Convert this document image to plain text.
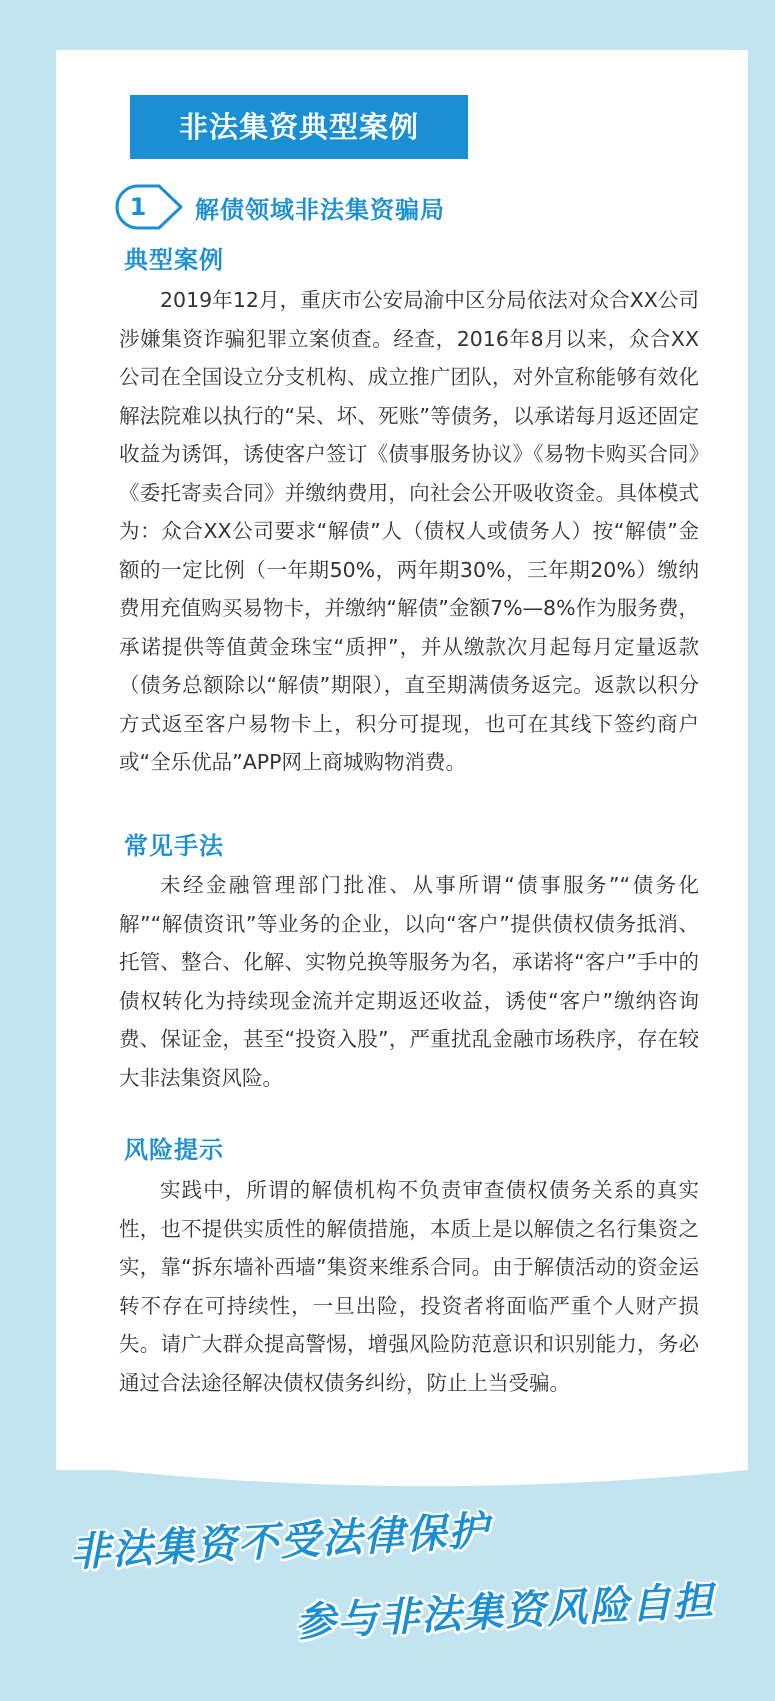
非法集资典型案例
1	解债领域非法集资骗局
典型案例

2019年12月，重庆市公安局渝中区分局依法对众合XX公司涉嫌集资诈骗犯罪立案侦查。经查，2016年8月以来，众合XX公司在全国设立分支机构、成立推广团队，对外宣称能够有效化解法院难以执行的“呆、坏、死账”等债务，以承诺每月返还固定收益为诱饵，诱使客户签订《债事服务协议》《易物卡购买合同》《委托寄卖合同》并缴纳费用，向社会公开吸收资金。具体模式为：众合XX公司要求“解债”人（债权人或债务人）按“解债”金额的一定比例（一年期50%，两年期30%，三年期20%）缴纳费用充值购买易物卡，并缴纳“解债”金额7%—8%作为服务费，承诺提供等值黄金珠宝“质押”，并从缴款次月起每月定量返款（债务总额除以“解债”期限），直至期满债务返完。返款以积分方式返至客户易物卡上，积分可提现，也可在其线下签约商户或“全乐优品”APP网上商城购物消费。

常见手法

未经金融管理部门批准、从事所谓“债事服务”“债务化解”“解债资讯”等业务的企业，以向“客户”提供债权债务抵消、托管、整合、化解、实物兑换等服务为名，承诺将“客户”手中的债权转化为持续现金流并定期返还收益，诱使“客户”缴纳咨询费、保证金，甚至“投资入股”，严重扰乱金融市场秩序，存在较大非法集资风险。

风险提示

实践中，所谓的解债机构不负责审查债权债务关系的真实性，也不提供实质性的解债措施，本质上是以解债之名行集资之实，靠“拆东墙补西墙”集资来维系合同。由于解债活动的资金运转不存在可持续性，一旦出险，投资者将面临严重个人财产损失。请广大群众提高警惕，增强风险防范意识和识别能力，务必通过合法途径解决债权债务纠纷，防止上当受骗。

非法集资不受法律保护
参与非法集资风险自担
